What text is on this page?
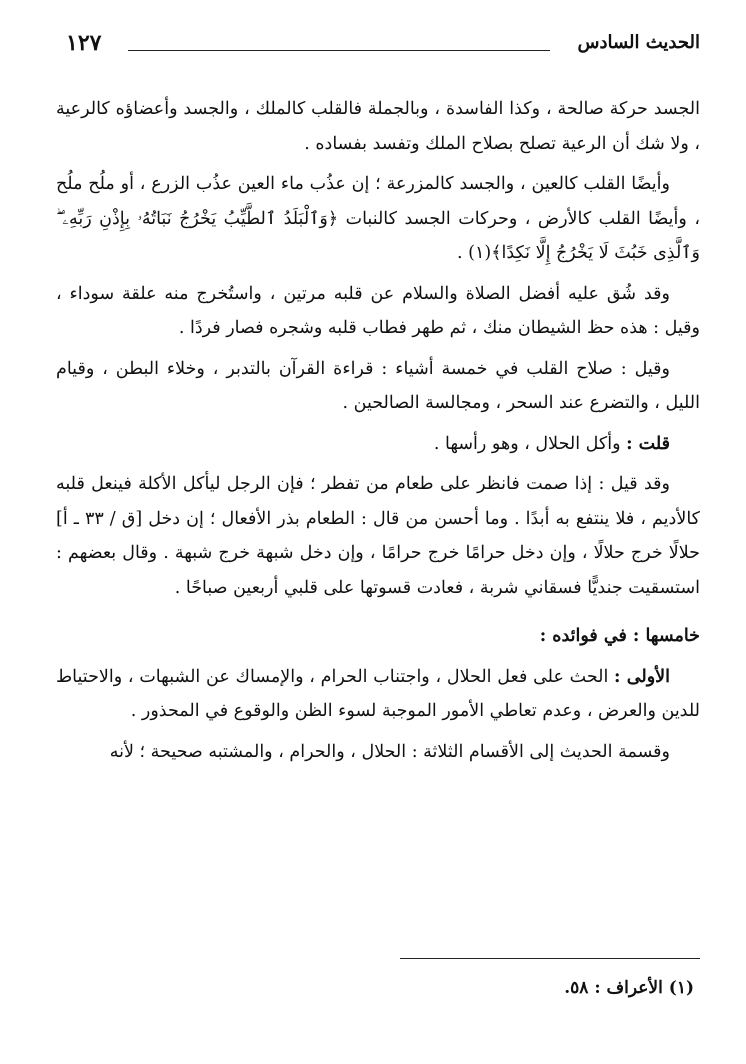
الحديث السادس
١٢٧

الجسد حركة صالحة ، وكذا الفاسدة ، وبالجملة فالقلب كالملك ، والجسد وأعضاؤه كالرعية ، ولا شك أن الرعية تصلح بصلاح الملك وتفسد بفساده .

وأيضًا القلب كالعين ، والجسد كالمزرعة ؛ إن عذُب ماء العين عذُب الزرع ، أو ملُح ملُح ، وأيضًا القلب كالأرض ، وحركات الجسد كالنبات ﴿وَٱلْبَلَدُ ٱلطَّيِّبُ يَخْرُجُ نَبَاتُهُۥ بِإِذْنِ رَبِّهِۦ ۖ وَٱلَّذِى خَبُثَ لَا يَخْرُجُ إِلَّا نَكِدًا﴾(١) .

وقد شُق عليه أفضل الصلاة والسلام عن قلبه مرتين ، واستُخرج منه علقة سوداء ، وقيل : هذه حظ الشيطان منك ، ثم طهر فطاب قلبه وشجره فصار فردًا .

وقيل : صلاح القلب في خمسة أشياء : قراءة القرآن بالتدبر ، وخلاء البطن ، وقيام الليل ، والتضرع عند السحر ، ومجالسة الصالحين .

قلت : وأكل الحلال ، وهو رأسها .

وقد قيل : إذا صمت فانظر على طعام من تفطر ؛ فإن الرجل ليأكل الأكلة فينعل قلبه كالأديم ، فلا ينتفع به أبدًا . وما أحسن من قال : الطعام بذر الأفعال ؛ إن دخل [ق / ٣٣ ـ أ] حلالًا خرج حلالًا ، وإن دخل حرامًا خرج حرامًا ، وإن دخل شبهة خرج شبهة . وقال بعضهم : استسقيت جنديًّا فسقاني شربة ، فعادت قسوتها على قلبي أربعين صباحًا .

خامسها : في فوائده :

الأولى : الحث على فعل الحلال ، واجتناب الحرام ، والإمساك عن الشبهات ، والاحتياط للدين والعرض ، وعدم تعاطي الأمور الموجبة لسوء الظن والوقوع في المحذور .

وقسمة الحديث إلى الأقسام الثلاثة : الحلال ، والحرام ، والمشتبه صحيحة ؛ لأنه

(١) الأعراف : ٥٨.
